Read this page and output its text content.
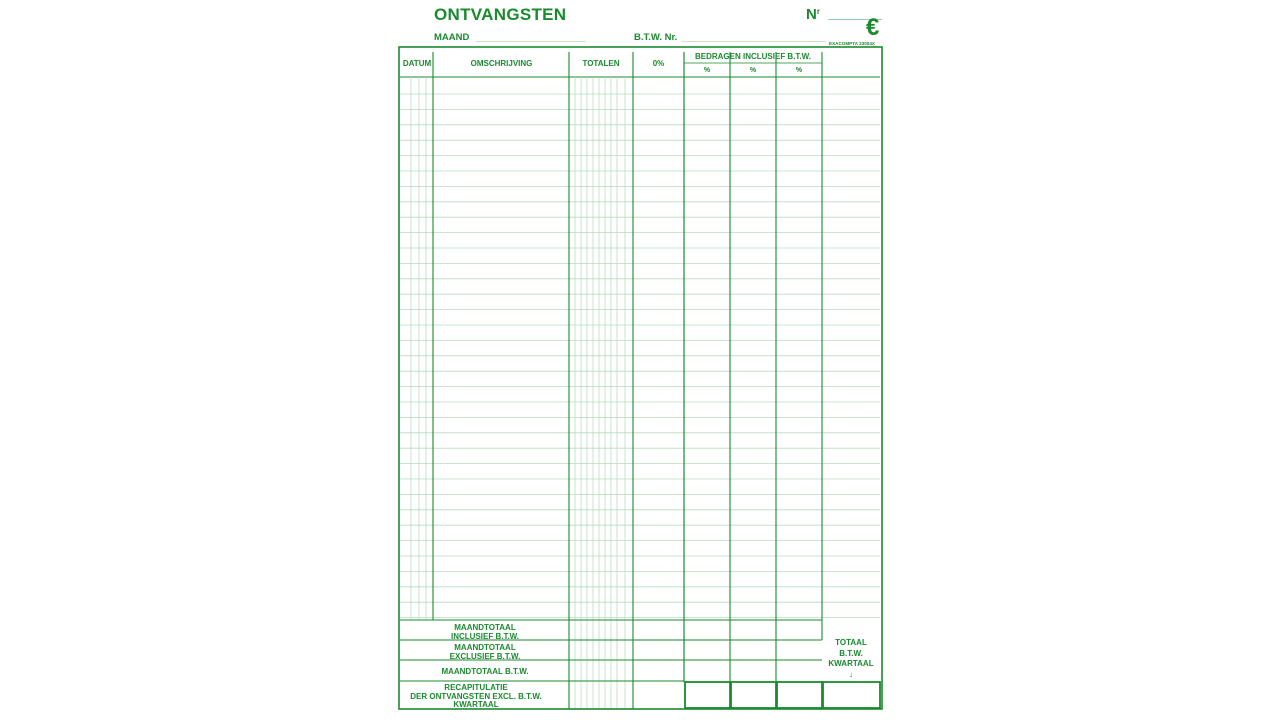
ONTVANGSTEN	$N^r$
€
MAAND	B.T.W. Nr.
EXACOMPTA 23004X
DATUM	OMSCHRIJVING	TOTALEN	0%
BEDRAGEN INCLUSIEF B.T.W.
%	%	%
MAANDTOTAAL
INCLUSIEF B.T.W.
MAANDTOTAAL
EXCLUSIEF B.T.W.
MAANDTOTAAL B.T.W.
RECAPITULATIE
DER ONTVANGSTEN EXCL. B.T.W.
KWARTAAL
TOTAAL
B.T.W.
KWARTAAL
↓
